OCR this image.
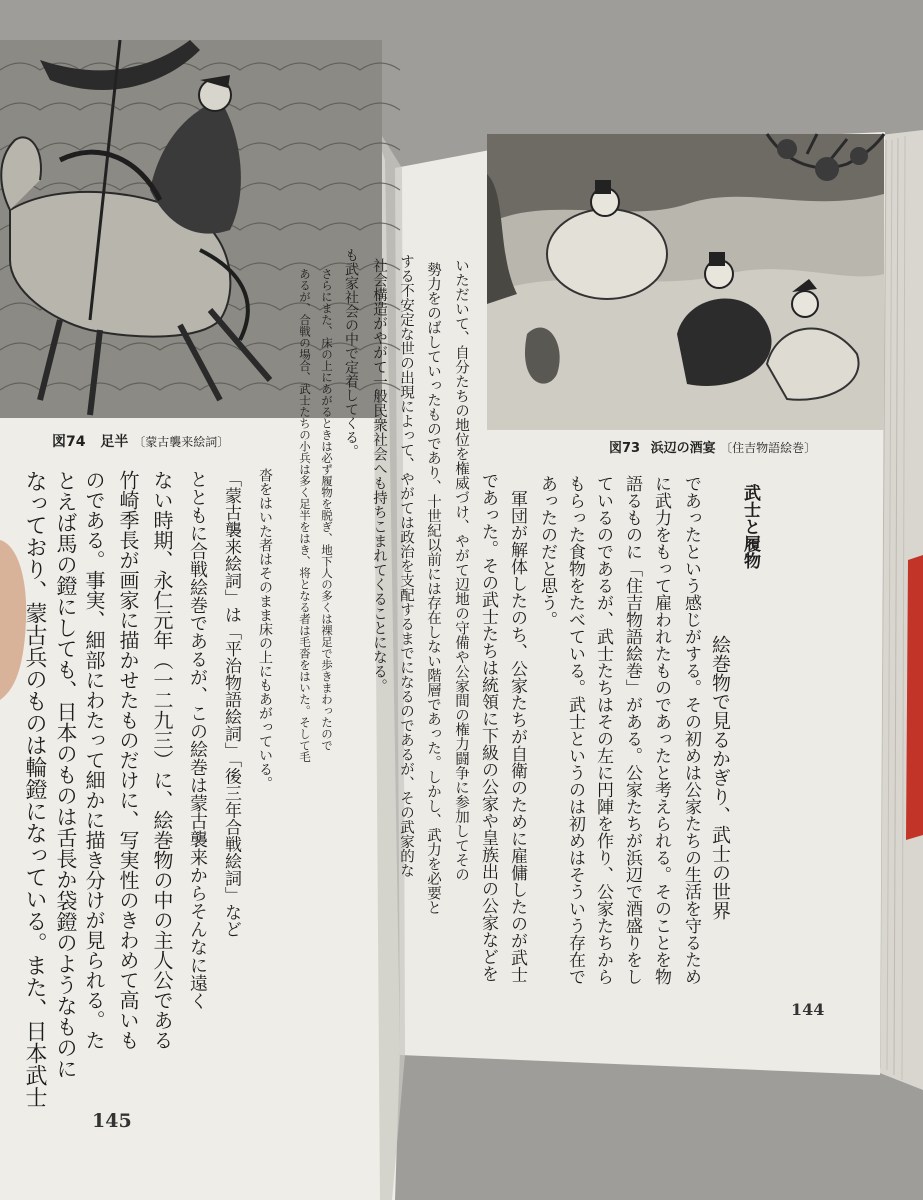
図74 足半 〔蒙古襲来絵詞〕	図73 浜辺の酒宴 〔住吉物語絵巻〕
武士と履物
絵巻物で見るかぎり、武士の世界
であったという感じがする。その初めは公家たちの生活を守るため
に武力をもって雇われたものであったと考えられる。そのことを物
語るものに「住吉物語絵巻」がある。公家たちが浜辺で酒盛りをし
ているのであるが、武士たちはその左に円陣を作り、公家たちから
もらった食物をたべている。武士というのは初めはそういう存在で
あったのだと思う。
軍団が解体したのち、公家たちが自衛のために雇傭したのが武士
であった。その武士たちは統領に下級の公家や皇族出の公家などを
いただいて、自分たちの地位を権威づけ、やがて辺地の守備や公家間の権力闘争に参加してその
勢力をのばしていったものであり、十世紀以前には存在しない階層であった。しかし、武力を必要と
する不安定な世の出現によって、やがては政治を支配するまでになるのであるが、その武家的な
社会構造がやがて一般民衆社会へも持ちこまれてくることになる。
も武家社会の中で定着してくる。
さらにまた、床の上にあがるときは必ず履物を脱ぎ、地下人の多くは裸足で歩きまわったので
あるが、合戦の場合、武士たちの小兵は多く足半をはき、将となる者は毛沓をはいた。そして毛
沓をはいた者はそのまま床の上にもあがっている。
「蒙古襲来絵詞」は「平治物語絵詞」「後三年合戦絵詞」など
とともに合戦絵巻であるが、この絵巻は蒙古襲来からそんなに遠く
ない時期、永仁元年（一二九三）に、絵巻物の中の主人公である
竹崎季長が画家に描かせたものだけに、写実性のきわめて高いも
のである。事実、細部にわたって細かに描き分けが見られる。た
とえば馬の鐙にしても、日本のものは舌長か袋鐙のようなものに
なっており、蒙古兵のものは輪鐙になっている。また、日本武士	144
145
